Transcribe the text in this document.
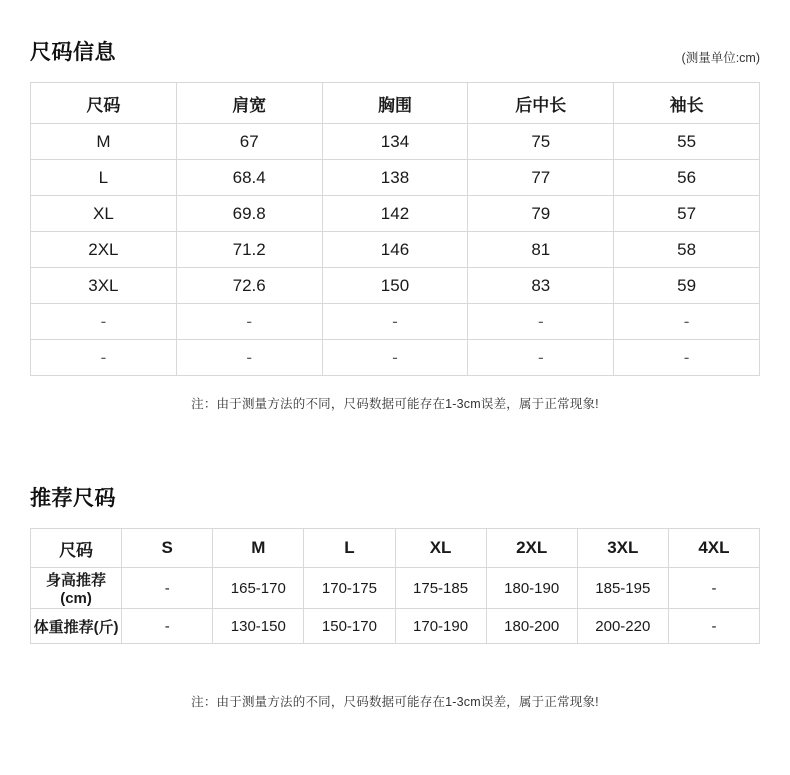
尺码信息	(测量单位:cm)
尺码	肩宽	胸围	后中长	袖长
M	67	134	75	55
L	68.4	138	77	56
XL	69.8	142	79	57
2XL	71.2	146	81	58
3XL	72.6	150	83	59
-	-	-	-	-
-	-	-	-	-
注：由于测量方法的不同，尺码数据可能存在1-3cm误差，属于正常现象!
推荐尺码
尺码	S	M	L	XL	2XL	3XL	4XL
身高推荐(cm)	-	165-170	170-175	175-185	180-190	185-195	-
体重推荐(斤)	-	130-150	150-170	170-190	180-200	200-220	-
注：由于测量方法的不同，尺码数据可能存在1-3cm误差，属于正常现象!
